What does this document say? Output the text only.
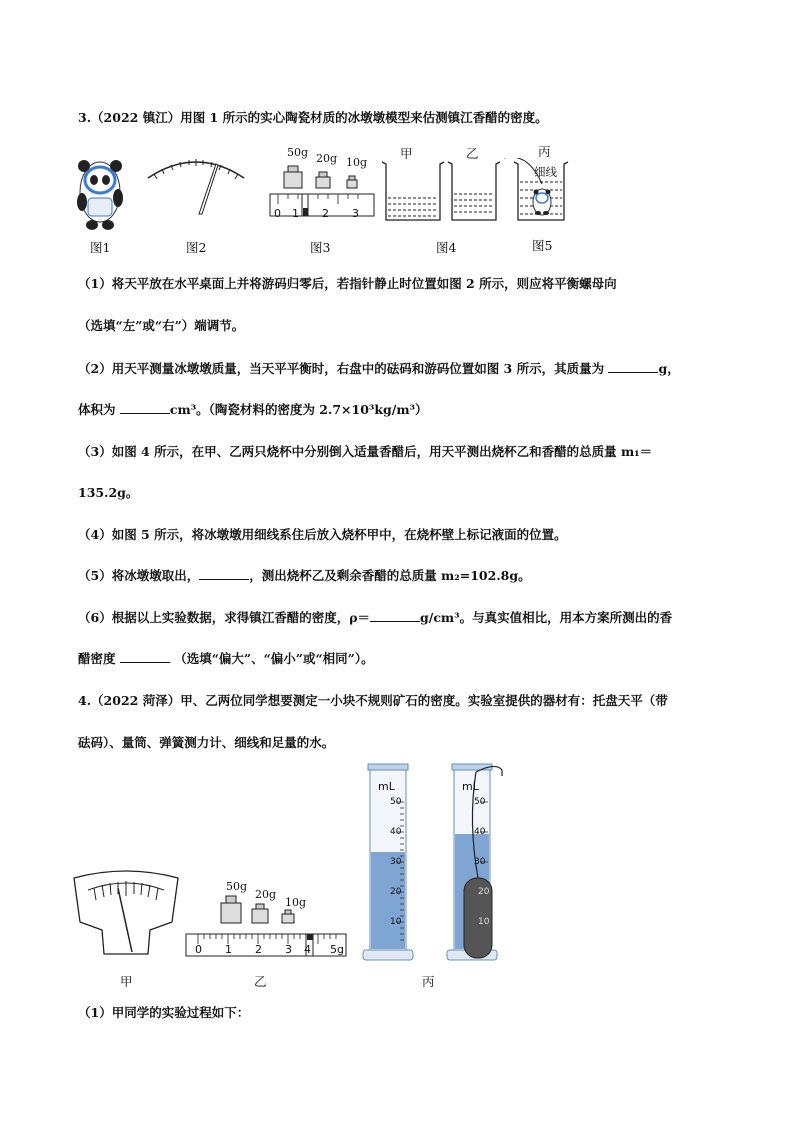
3.（2022 镇江）用图 1 所示的实心陶瓷材质的冰墩墩模型来估测镇江香醋的密度。
图1	图2
50g 20g 10g
0 1 2 3
图3
甲	乙	丙
细线
图4	图5
（1）将天平放在水平桌面上并将游码归零后，若指针静止时位置如图 2 所示，则应将平衡螺母向
（选填“左”或“右”）端调节。
（2）用天平测量冰墩墩质量，当天平平衡时，右盘中的砝码和游码位置如图 3 所示，其质量为	g，
体积为	cm³。（陶瓷材料的密度为 2.7×10³kg/m³）
（3）如图 4 所示，在甲、乙两只烧杯中分别倒入适量香醋后，用天平测出烧杯乙和香醋的总质量 m₁＝
135.2g。
（4）如图 5 所示，将冰墩墩用细线系住后放入烧杯甲中，在烧杯壁上标记液面的位置。
（5）将冰墩墩取出，	，测出烧杯乙及剩余香醋的总质量 m₂=102.8g。
（6）根据以上实验数据，求得镇江香醋的密度，ρ＝	g/cm³。与真实值相比，用本方案所测出的香
醋密度	（选填“偏大”、“偏小”或“相同”）。
4.（2022 菏泽）甲、乙两位同学想要测定一小块不规则矿石的密度。实验室提供的器材有：托盘天平（带
砝码）、量筒、弹簧测力计、细线和足量的水。
甲
50g
20g
10g
0 1 2 3 4 5g
乙
mL
50
40
30
20
10
mL
50
40
30
20
10
丙
（1）甲同学的实验过程如下：
